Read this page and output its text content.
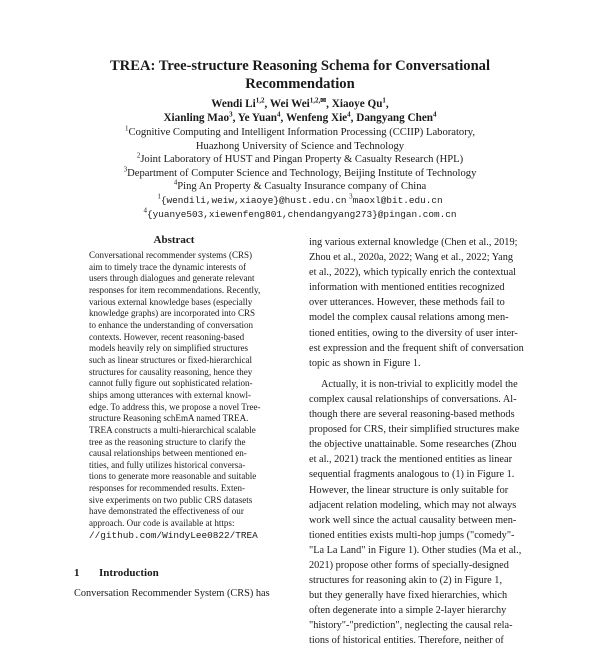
TREA: Tree-structure Reasoning Schema for Conversational
Recommendation
Wendi Li$^{1,2}$, Wei Wei$^{1,2,✉}$, Xiaoye Qu$^1$,
Xianling Mao$^3$, Ye Yuan$^4$, Wenfeng Xie$^4$, Dangyang Chen$^4$
$^1$Cognitive Computing and Intelligent Information Processing (CCIIP) Laboratory,
Huazhong University of Science and Technology
$^2$Joint Laboratory of HUST and Pingan Property & Casualty Research (HPL)
$^3$Department of Computer Science and Technology, Beijing Institute of Technology
$^4$Ping An Property & Casualty Insurance company of China
$^1${wendili,weiw,xiaoye}@hust.edu.cn $^3$maoxl@bit.edu.cn
$^4${yuanye503,xiewenfeng801,chendangyang273}@pingan.com.cn
Abstract
Conversational recommender systems (CRS)
aim to timely trace the dynamic interests of
users through dialogues and generate relevant
responses for item recommendations. Recently,
various external knowledge bases (especially
knowledge graphs) are incorporated into CRS
to enhance the understanding of conversation
contexts. However, recent reasoning-based
models heavily rely on simplified structures
such as linear structures or fixed-hierarchical
structures for causality reasoning, hence they
cannot fully figure out sophisticated relation-
ships among utterances with external knowl-
edge. To address this, we propose a novel Tree-
structure Reasoning schEmA named TREA.
TREA constructs a multi-hierarchical scalable
tree as the reasoning structure to clarify the
causal relationships between mentioned en-
tities, and fully utilizes historical conversa-
tions to generate more reasonable and suitable
responses for recommended results. Exten-
sive experiments on two public CRS datasets
have demonstrated the effectiveness of our
approach. Our code is available at https:
//github.com/WindyLee0822/TREA
1 Introduction
Conversation Recommender System (CRS) has
ing various external knowledge (Chen et al., 2019;
Zhou et al., 2020a, 2022; Wang et al., 2022; Yang
et al., 2022), which typically enrich the contextual
information with mentioned entities recognized
over utterances. However, these methods fail to
model the complex causal relations among men-
tioned entities, owing to the diversity of user inter-
est expression and the frequent shift of conversation
topic as shown in Figure 1.
Actually, it is non-trivial to explicitly model the
complex causal relationships of conversations. Al-
though there are several reasoning-based methods
proposed for CRS, their simplified structures make
the objective unattainable. Some researches (Zhou
et al., 2021) track the mentioned entities as linear
sequential fragments analogous to (1) in Figure 1.
However, the linear structure is only suitable for
adjacent relation modeling, which may not always
work well since the actual causality between men-
tioned entities exists multi-hop jumps ("comedy"-
"La La Land" in Figure 1). Other studies (Ma et al.,
2021) propose other forms of specially-designed
structures for reasoning akin to (2) in Figure 1,
but they generally have fixed hierarchies, which
often degenerate into a simple 2-layer hierarchy
"history"-"prediction", neglecting the causal rela-
tions of historical entities. Therefore, neither of
